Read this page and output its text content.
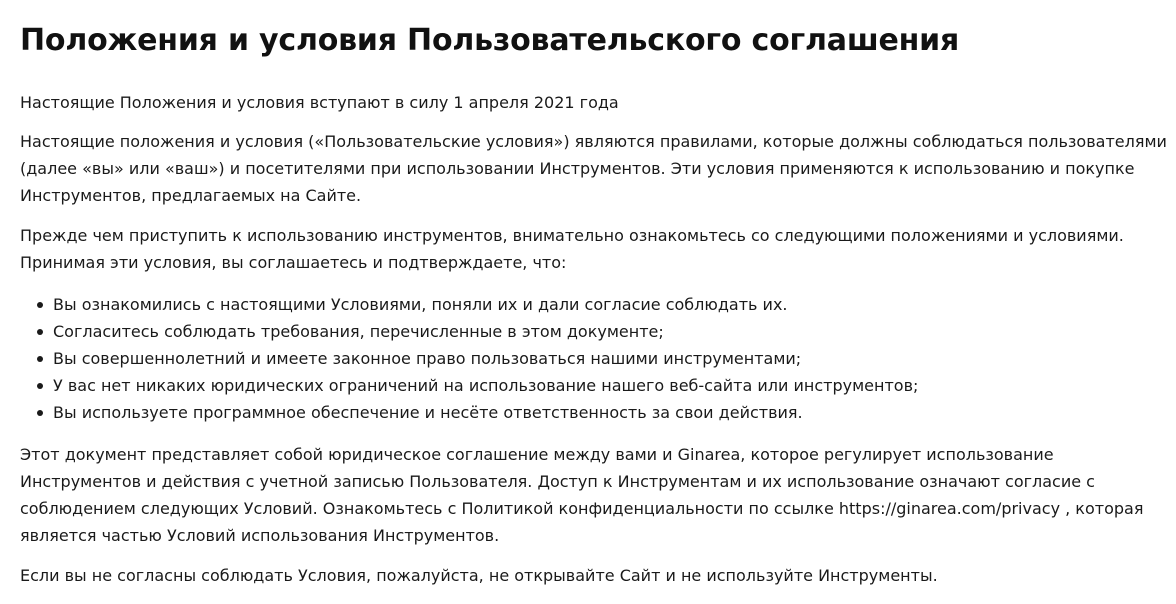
Положения и условия Пользовательского соглашения

Настоящие Положения и условия вступают в силу 1 апреля 2021 года

Настоящие положения и условия («Пользовательские условия») являются правилами, которые должны соблюдаться пользователями (далее «вы» или «ваш») и посетителями при использовании Инструментов. Эти условия применяются к использованию и покупке Инструментов, предлагаемых на Сайте.

Прежде чем приступить к использованию инструментов, внимательно ознакомьтесь со следующими положениями и условиями. Принимая эти условия, вы соглашаетесь и подтверждаете, что:

Вы ознакомились с настоящими Условиями, поняли их и дали согласие соблюдать их.
Согласитесь соблюдать требования, перечисленные в этом документе;
Вы совершеннолетний и имеете законное право пользоваться нашими инструментами;
У вас нет никаких юридических ограничений на использование нашего веб-сайта или инструментов;
Вы используете программное обеспечение и несёте ответственность за свои действия.

Этот документ представляет собой юридическое соглашение между вами и Ginarea, которое регулирует использование Инструментов и действия с учетной записью Пользователя. Доступ к Инструментам и их использование означают согласие с соблюдением следующих Условий. Ознакомьтесь с Политикой конфиденциальности по ссылке https://ginarea.com/privacy , которая является частью Условий использования Инструментов.

Если вы не согласны соблюдать Условия, пожалуйста, не открывайте Сайт и не используйте Инструменты.
